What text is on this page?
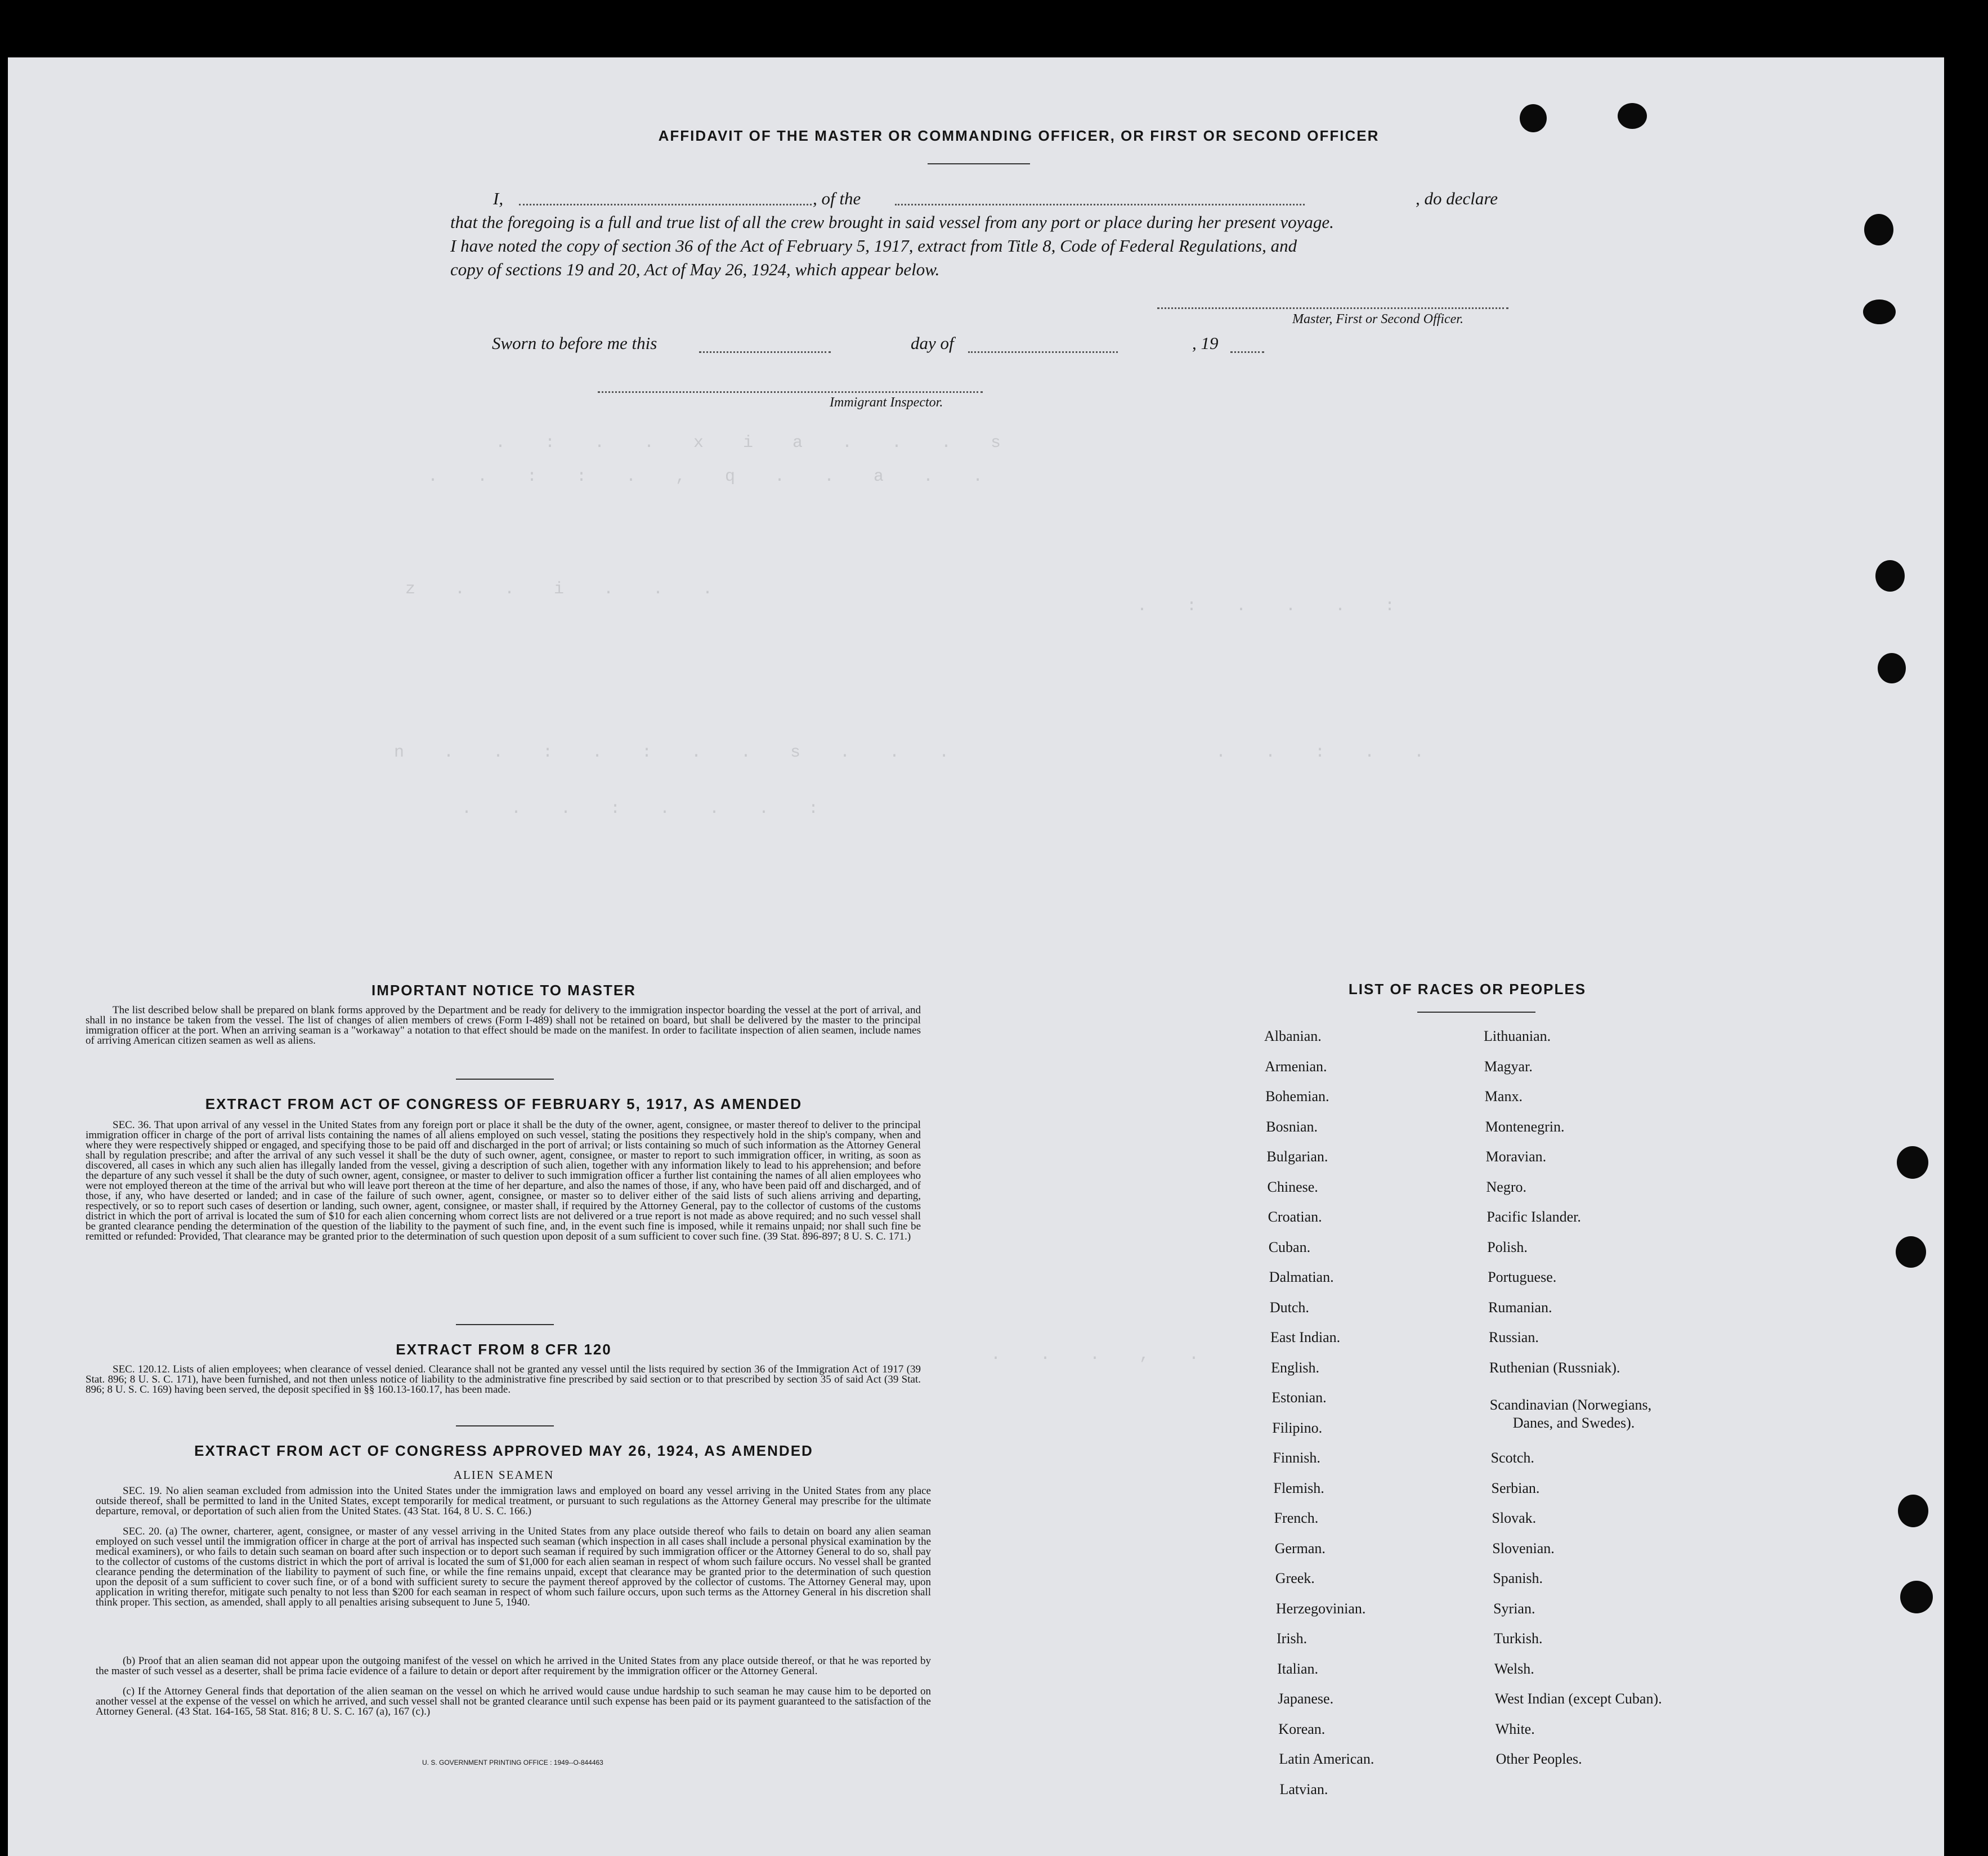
. : . . x i a . . . s
. . : : . , q . . a . .
z . . i . . .
. : . . . :
n . . : . : . . s . . .	. . : . .
. . . : . . . :
. . . , .
AFFIDAVIT OF THE MASTER OR COMMANDING OFFICER, OR FIRST OR SECOND OFFICER
I,	, of the	, do declare

that the foregoing is a full and true list of all the crew brought in said vessel from any port or place during her present voyage.

I have noted the copy of section 36 of the Act of February 5, 1917, extract from Title 8, Code of Federal Regulations, and

copy of sections 19 and 20, Act of May 26, 1924, which appear below.

Master, First or Second Officer.
Sworn to before me this	day of	, 19
Immigrant Inspector.
IMPORTANT NOTICE TO MASTER
The list described below shall be prepared on blank forms approved by the Department and be ready for delivery to the immigration inspector boarding the vessel at the port of arrival, and shall in no instance be taken from the vessel. The list of changes of alien members of crews (Form I-489) shall not be retained on board, but shall be delivered by the master to the principal immigration officer at the port. When an arriving seaman is a "workaway" a notation to that effect should be made on the manifest. In order to facilitate inspection of alien seamen, include names of arriving American citizen seamen as well as aliens.
EXTRACT FROM ACT OF CONGRESS OF FEBRUARY 5, 1917, AS AMENDED
SEC. 36. That upon arrival of any vessel in the United States from any foreign port or place it shall be the duty of the owner, agent, consignee, or master thereof to deliver to the principal immigration officer in charge of the port of arrival lists containing the names of all aliens employed on such vessel, stating the positions they respectively hold in the ship's company, when and where they were respectively shipped or engaged, and specifying those to be paid off and discharged in the port of arrival; or lists containing so much of such information as the Attorney General shall by regulation prescribe; and after the arrival of any such vessel it shall be the duty of such owner, agent, consignee, or master to report to such immigration officer, in writing, as soon as discovered, all cases in which any such alien has illegally landed from the vessel, giving a description of such alien, together with any information likely to lead to his apprehension; and before the departure of any such vessel it shall be the duty of such owner, agent, consignee, or master to deliver to such immigration officer a further list containing the names of all alien employees who were not employed thereon at the time of the arrival but who will leave port thereon at the time of her departure, and also the names of those, if any, who have been paid off and discharged, and of those, if any, who have deserted or landed; and in case of the failure of such owner, agent, consignee, or master so to deliver either of the said lists of such aliens arriving and departing, respectively, or so to report such cases of desertion or landing, such owner, agent, consignee, or master shall, if required by the Attorney General, pay to the collector of customs of the customs district in which the port of arrival is located the sum of $10 for each alien concerning whom correct lists are not delivered or a true report is not made as above required; and no such vessel shall be granted clearance pending the determination of the question of the liability to the payment of such fine, and, in the event such fine is imposed, while it remains unpaid; nor shall such fine be remitted or refunded: Provided, That clearance may be granted prior to the determination of such question upon deposit of a sum sufficient to cover such fine. (39 Stat. 896-897; 8 U. S. C. 171.)
EXTRACT FROM 8 CFR 120
SEC. 120.12. Lists of alien employees; when clearance of vessel denied. Clearance shall not be granted any vessel until the lists required by section 36 of the Immigration Act of 1917 (39 Stat. 896; 8 U. S. C. 171), have been furnished, and not then unless notice of liability to the administrative fine prescribed by said section or to that prescribed by section 35 of said Act (39 Stat. 896; 8 U. S. C. 169) having been served, the deposit specified in §§ 160.13-160.17, has been made.
EXTRACT FROM ACT OF CONGRESS APPROVED MAY 26, 1924, AS AMENDED
ALIEN SEAMEN
SEC. 19. No alien seaman excluded from admission into the United States under the immigration laws and employed on board any vessel arriving in the United States from any place outside thereof, shall be permitted to land in the United States, except temporarily for medical treatment, or pursuant to such regulations as the Attorney General may prescribe for the ultimate departure, removal, or deportation of such alien from the United States. (43 Stat. 164, 8 U. S. C. 166.)
SEC. 20. (a) The owner, charterer, agent, consignee, or master of any vessel arriving in the United States from any place outside thereof who fails to detain on board any alien seaman employed on such vessel until the immigration officer in charge at the port of arrival has inspected such seaman (which inspection in all cases shall include a personal physical examination by the medical examiners), or who fails to detain such seaman on board after such inspection or to deport such seaman if required by such immigration officer or the Attorney General to do so, shall pay to the collector of customs of the customs district in which the port of arrival is located the sum of $1,000 for each alien seaman in respect of whom such failure occurs. No vessel shall be granted clearance pending the determination of the liability to payment of such fine, or while the fine remains unpaid, except that clearance may be granted prior to the determination of such question upon the deposit of a sum sufficient to cover such fine, or of a bond with sufficient surety to secure the payment thereof approved by the collector of customs. The Attorney General may, upon application in writing therefor, mitigate such penalty to not less than $200 for each seaman in respect of whom such failure occurs, upon such terms as the Attorney General in his discretion shall think proper. This section, as amended, shall apply to all penalties arising subsequent to June 5, 1940.
(b) Proof that an alien seaman did not appear upon the outgoing manifest of the vessel on which he arrived in the United States from any place outside thereof, or that he was reported by the master of such vessel as a deserter, shall be prima facie evidence of a failure to detain or deport after requirement by the immigration officer or the Attorney General.
(c) If the Attorney General finds that deportation of the alien seaman on the vessel on which he arrived would cause undue hardship to such seaman he may cause him to be deported on another vessel at the expense of the vessel on which he arrived, and such vessel shall not be granted clearance until such expense has been paid or its payment guaranteed to the satisfaction of the Attorney General. (43 Stat. 164-165, 58 Stat. 816; 8 U. S. C. 167 (a), 167 (c).)
U. S. GOVERNMENT PRINTING OFFICE : 1949--O-844463
LIST OF RACES OR PEOPLES
Albanian.
Armenian.
Bohemian.
Bosnian.
Bulgarian.
Chinese.
Croatian.
Cuban.
Dalmatian.
Dutch.
East Indian.
English.
Estonian.
Filipino.
Finnish.
Flemish.
French.
German.
Greek.
Herzegovinian.
Irish.
Italian.
Japanese.
Korean.
Latin American.
Latvian.
Lithuanian.
Magyar.
Manx.
Montenegrin.
Moravian.
Negro.
Pacific Islander.
Polish.
Portuguese.
Rumanian.
Russian.
Ruthenian (Russniak).
Scandinavian (Norwegians,
Danes, and Swedes).
Scotch.
Serbian.
Slovak.
Slovenian.
Spanish.
Syrian.
Turkish.
Welsh.
West Indian (except Cuban).
White.
Other Peoples.
